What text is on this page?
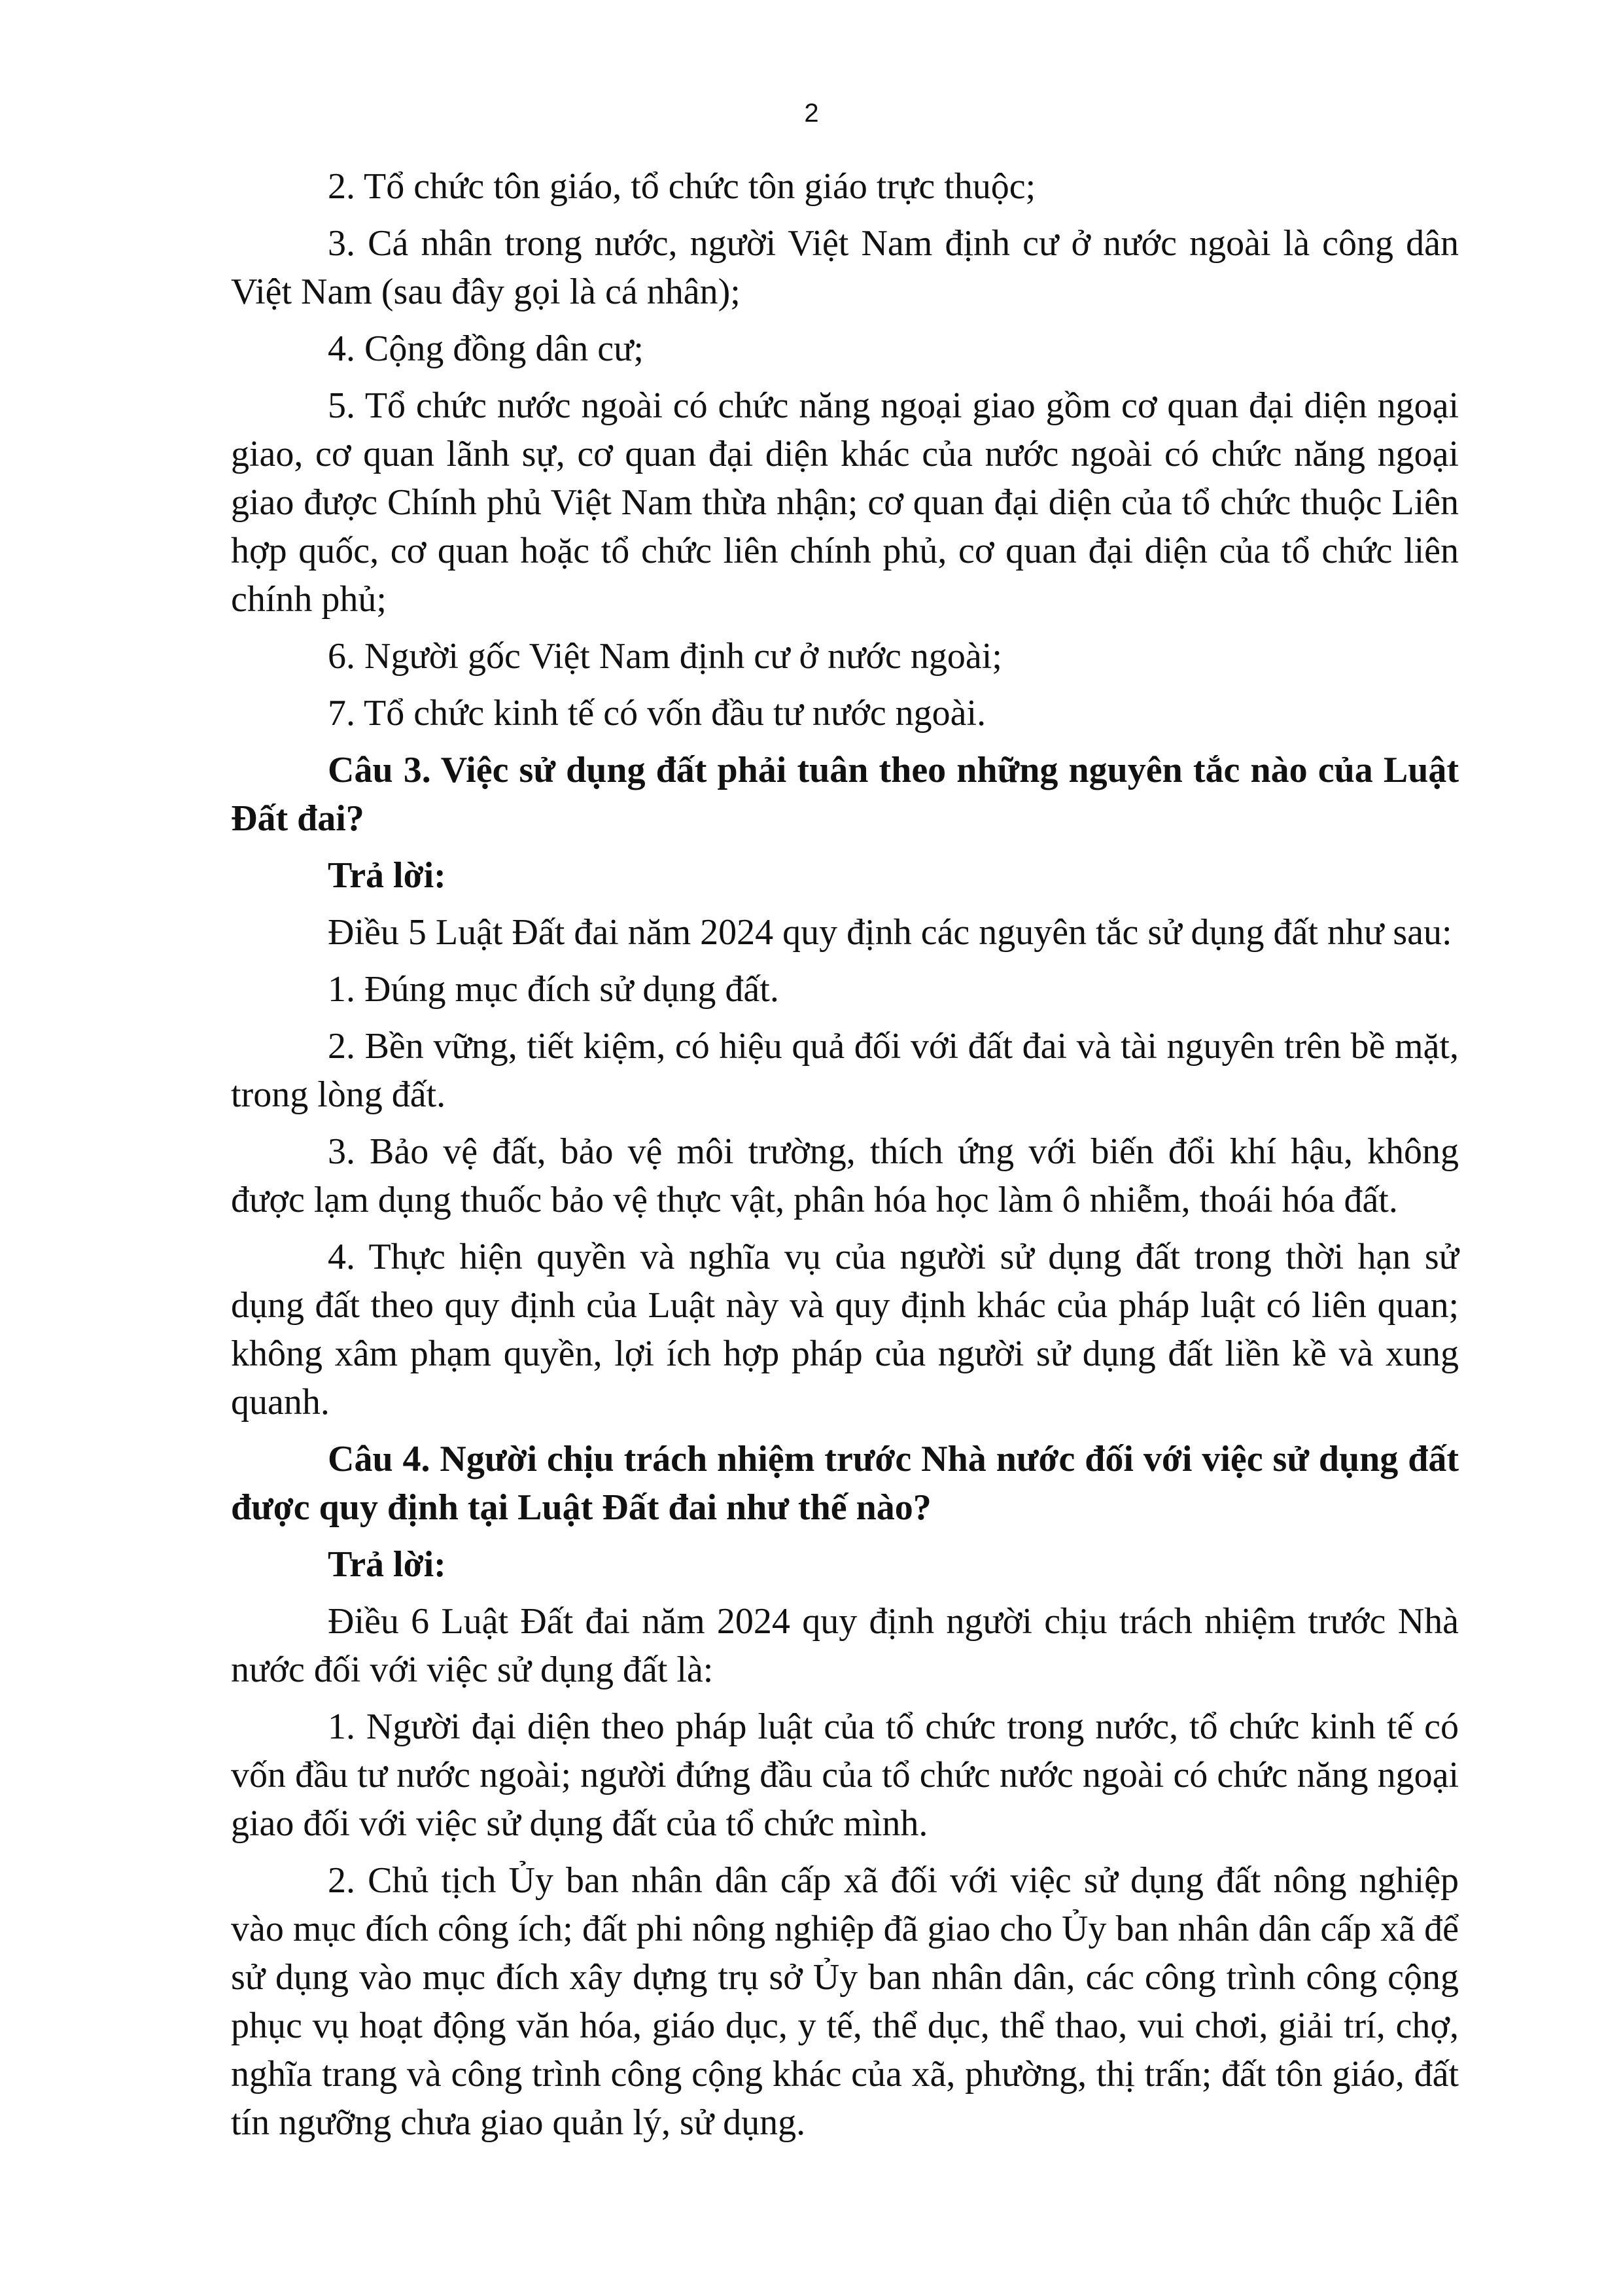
2

2. Tổ chức tôn giáo, tổ chức tôn giáo trực thuộc;

3. Cá nhân trong nước, người Việt Nam định cư ở nước ngoài là công dân Việt Nam (sau đây gọi là cá nhân);

4. Cộng đồng dân cư;

5. Tổ chức nước ngoài có chức năng ngoại giao gồm cơ quan đại diện ngoại giao, cơ quan lãnh sự, cơ quan đại diện khác của nước ngoài có chức năng ngoại giao được Chính phủ Việt Nam thừa nhận; cơ quan đại diện của tổ chức thuộc Liên hợp quốc, cơ quan hoặc tổ chức liên chính phủ, cơ quan đại diện của tổ chức liên chính phủ;

6. Người gốc Việt Nam định cư ở nước ngoài;

7. Tổ chức kinh tế có vốn đầu tư nước ngoài.

Câu 3. Việc sử dụng đất phải tuân theo những nguyên tắc nào của Luật Đất đai?

Trả lời:

Điều 5 Luật Đất đai năm 2024 quy định các nguyên tắc sử dụng đất như sau:

1. Đúng mục đích sử dụng đất.

2. Bền vững, tiết kiệm, có hiệu quả đối với đất đai và tài nguyên trên bề mặt, trong lòng đất.

3. Bảo vệ đất, bảo vệ môi trường, thích ứng với biến đổi khí hậu, không được lạm dụng thuốc bảo vệ thực vật, phân hóa học làm ô nhiễm, thoái hóa đất.

4. Thực hiện quyền và nghĩa vụ của người sử dụng đất trong thời hạn sử dụng đất theo quy định của Luật này và quy định khác của pháp luật có liên quan; không xâm phạm quyền, lợi ích hợp pháp của người sử dụng đất liền kề và xung quanh.

Câu 4. Người chịu trách nhiệm trước Nhà nước đối với việc sử dụng đất được quy định tại Luật Đất đai như thế nào?

Trả lời:

Điều 6 Luật Đất đai năm 2024 quy định người chịu trách nhiệm trước Nhà nước đối với việc sử dụng đất là:

1. Người đại diện theo pháp luật của tổ chức trong nước, tổ chức kinh tế có vốn đầu tư nước ngoài; người đứng đầu của tổ chức nước ngoài có chức năng ngoại giao đối với việc sử dụng đất của tổ chức mình.

2. Chủ tịch Ủy ban nhân dân cấp xã đối với việc sử dụng đất nông nghiệp vào mục đích công ích; đất phi nông nghiệp đã giao cho Ủy ban nhân dân cấp xã để sử dụng vào mục đích xây dựng trụ sở Ủy ban nhân dân, các công trình công cộng phục vụ hoạt động văn hóa, giáo dục, y tế, thể dục, thể thao, vui chơi, giải trí, chợ, nghĩa trang và công trình công cộng khác của xã, phường, thị trấn; đất tôn giáo, đất tín ngưỡng chưa giao quản lý, sử dụng.
